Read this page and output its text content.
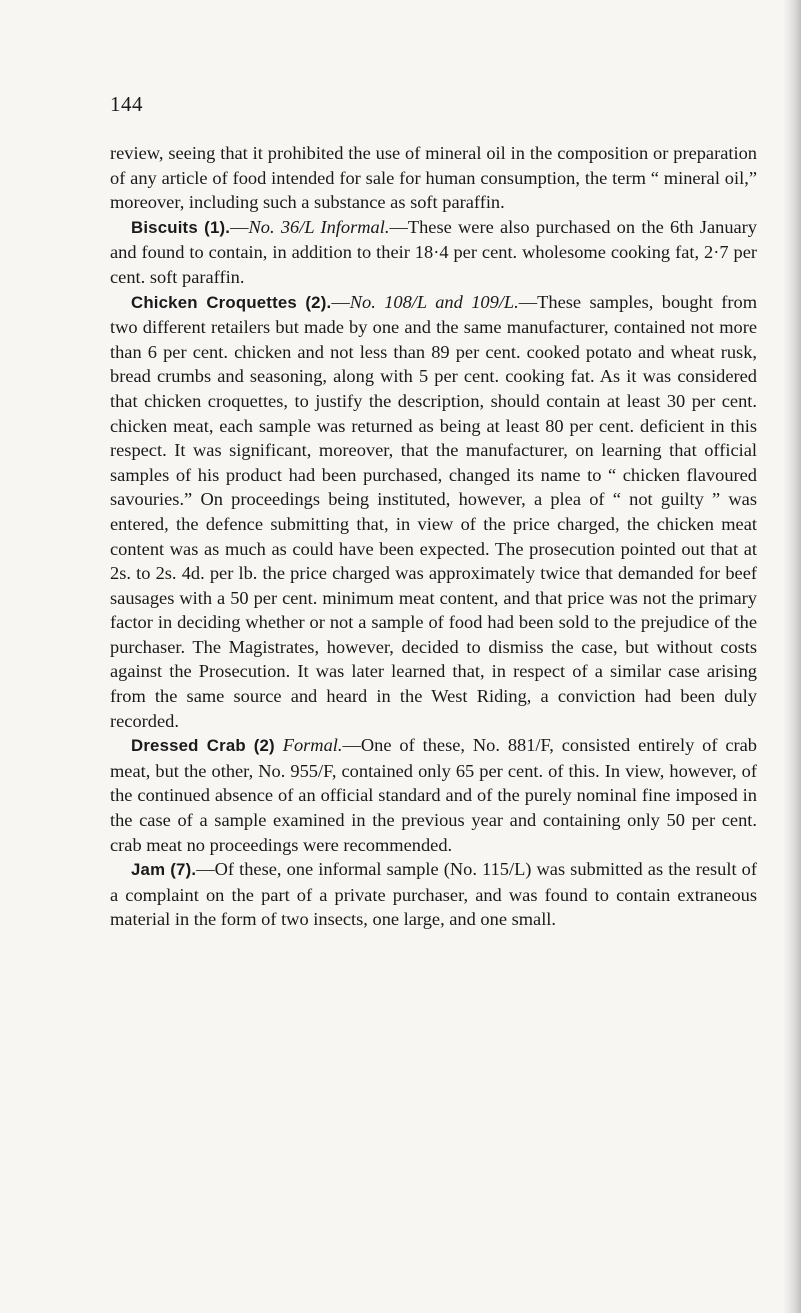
144

review, seeing that it prohibited the use of mineral oil in the composition or preparation of any article of food intended for sale for human consumption, the term “ mineral oil,” moreover, including such a substance as soft paraffin.

Biscuits (1).—No. 36/L Informal.—These were also purchased on the 6th January and found to contain, in addition to their 18·4 per cent. wholesome cooking fat, 2·7 per cent. soft paraffin.

Chicken Croquettes (2).—No. 108/L and 109/L.—These samples, bought from two different retailers but made by one and the same manufacturer, contained not more than 6 per cent. chicken and not less than 89 per cent. cooked potato and wheat rusk, bread crumbs and seasoning, along with 5 per cent. cooking fat. As it was considered that chicken croquettes, to justify the description, should contain at least 30 per cent. chicken meat, each sample was returned as being at least 80 per cent. deficient in this respect. It was significant, moreover, that the manufacturer, on learning that official samples of his product had been purchased, changed its name to “ chicken flavoured savouries.” On proceedings being instituted, however, a plea of “ not guilty ” was entered, the defence submitting that, in view of the price charged, the chicken meat content was as much as could have been expected. The prosecution pointed out that at 2s. to 2s. 4d. per lb. the price charged was approximately twice that demanded for beef sausages with a 50 per cent. minimum meat content, and that price was not the primary factor in deciding whether or not a sample of food had been sold to the prejudice of the purchaser. The Magistrates, however, decided to dismiss the case, but without costs against the Prosecution. It was later learned that, in respect of a similar case arising from the same source and heard in the West Riding, a conviction had been duly recorded.

Dressed Crab (2) Formal.—One of these, No. 881/F, consisted entirely of crab meat, but the other, No. 955/F, contained only 65 per cent. of this. In view, however, of the continued absence of an official standard and of the purely nominal fine imposed in the case of a sample examined in the previous year and containing only 50 per cent. crab meat no proceedings were recommended.

Jam (7).—Of these, one informal sample (No. 115/L) was submitted as the result of a complaint on the part of a private purchaser, and was found to contain extraneous material in the form of two insects, one large, and one small.
